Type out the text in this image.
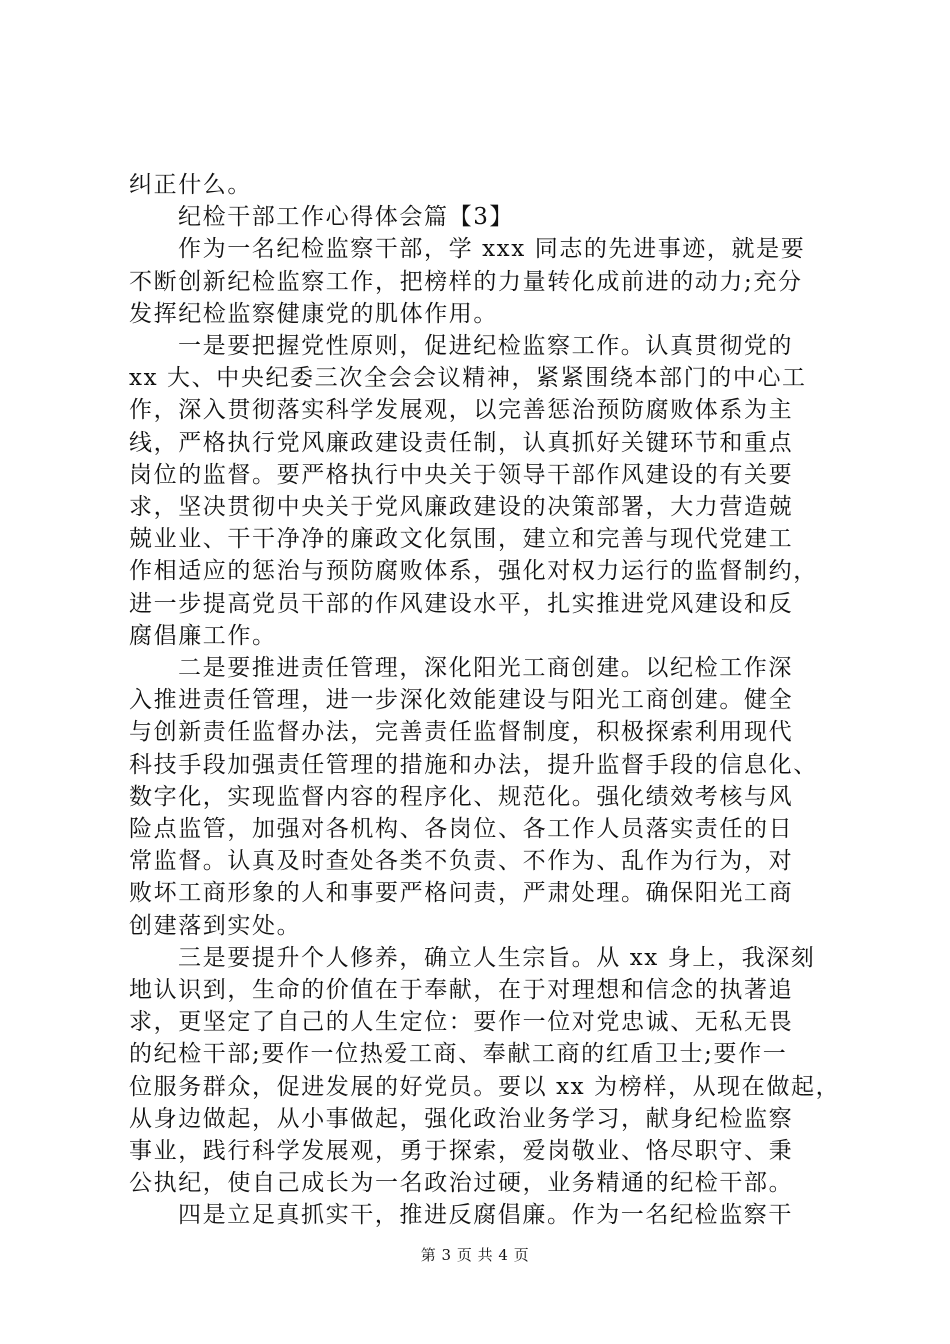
纠正什么。
纪检干部工作心得体会篇【3】
作为一名纪检监察干部，学 xxx 同志的先进事迹，就是要
不断创新纪检监察工作，把榜样的力量转化成前进的动力;充分
发挥纪检监察健康党的肌体作用。
一是要把握党性原则，促进纪检监察工作。认真贯彻党的
xx 大、中央纪委三次全会会议精神，紧紧围绕本部门的中心工
作，深入贯彻落实科学发展观，以完善惩治预防腐败体系为主
线，严格执行党风廉政建设责任制，认真抓好关键环节和重点
岗位的监督。要严格执行中央关于领导干部作风建设的有关要
求，坚决贯彻中央关于党风廉政建设的决策部署，大力营造兢
兢业业、干干净净的廉政文化氛围，建立和完善与现代党建工
作相适应的惩治与预防腐败体系，强化对权力运行的监督制约，
进一步提高党员干部的作风建设水平，扎实推进党风建设和反
腐倡廉工作。
二是要推进责任管理，深化阳光工商创建。以纪检工作深
入推进责任管理，进一步深化效能建设与阳光工商创建。健全
与创新责任监督办法，完善责任监督制度，积极探索利用现代
科技手段加强责任管理的措施和办法，提升监督手段的信息化、
数字化，实现监督内容的程序化、规范化。强化绩效考核与风
险点监管，加强对各机构、各岗位、各工作人员落实责任的日
常监督。认真及时查处各类不负责、不作为、乱作为行为，对
败坏工商形象的人和事要严格问责，严肃处理。确保阳光工商
创建落到实处。
三是要提升个人修养，确立人生宗旨。从 xx 身上，我深刻
地认识到，生命的价值在于奉献，在于对理想和信念的执著追
求，更坚定了自己的人生定位：要作一位对党忠诚、无私无畏
的纪检干部;要作一位热爱工商、奉献工商的红盾卫士;要作一
位服务群众，促进发展的好党员。要以 xx 为榜样，从现在做起，
从身边做起，从小事做起，强化政治业务学习，献身纪检监察
事业，践行科学发展观，勇于探索，爱岗敬业、恪尽职守、秉
公执纪，使自己成长为一名政治过硬，业务精通的纪检干部。
四是立足真抓实干，推进反腐倡廉。作为一名纪检监察干
第 3 页 共 4 页
